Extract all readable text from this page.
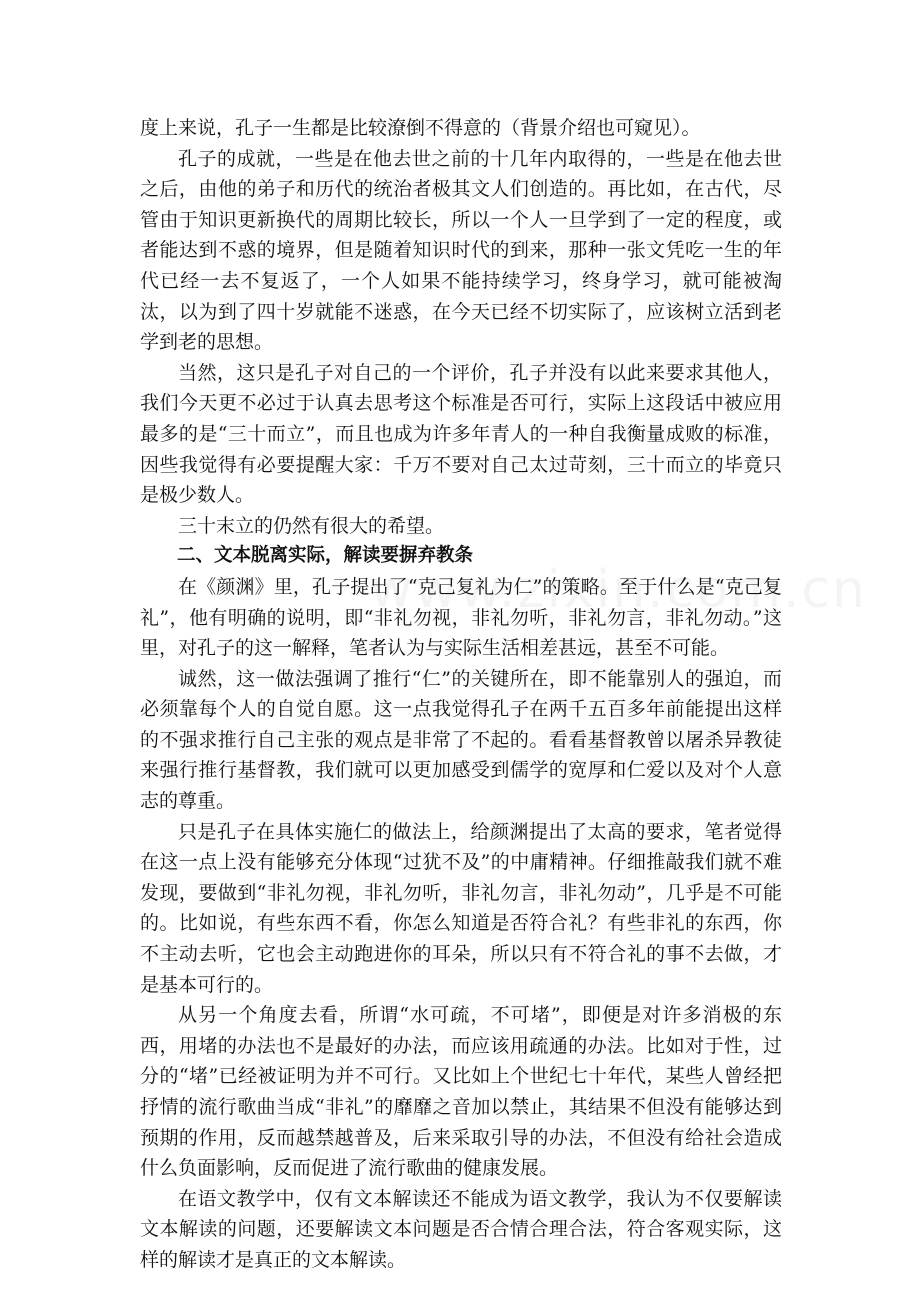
度上来说，孔子一生都是比较潦倒不得意的（背景介绍也可窥见）。

孔子的成就，一些是在他去世之前的十几年内取得的，一些是在他去世之后，由他的弟子和历代的统治者极其文人们创造的。再比如，在古代，尽管由于知识更新换代的周期比较长，所以一个人一旦学到了一定的程度，或者能达到不惑的境界，但是随着知识时代的到来，那种一张文凭吃一生的年代已经一去不复返了，一个人如果不能持续学习，终身学习，就可能被淘汰，以为到了四十岁就能不迷惑，在今天已经不切实际了，应该树立活到老学到老的思想。

当然，这只是孔子对自己的一个评价，孔子并没有以此来要求其他人，我们今天更不必过于认真去思考这个标准是否可行，实际上这段话中被应用最多的是“三十而立”，而且也成为许多年青人的一种自我衡量成败的标准，因些我觉得有必要提醒大家：千万不要对自己太过苛刻，三十而立的毕竟只是极少数人。

三十末立的仍然有很大的希望。

二、文本脱离实际，解读要摒弃教条

在《颜渊》里，孔子提出了“克己复礼为仁”的策略。至于什么是“克己复礼”，他有明确的说明，即“非礼勿视，非礼勿听，非礼勿言，非礼勿动。”这里，对孔子的这一解释，笔者认为与实际生活相差甚远，甚至不可能。

诚然，这一做法强调了推行“仁”的关键所在，即不能靠别人的强迫，而必须靠每个人的自觉自愿。这一点我觉得孔子在两千五百多年前能提出这样的不强求推行自己主张的观点是非常了不起的。看看基督教曾以屠杀异教徒来强行推行基督教，我们就可以更加感受到儒学的宽厚和仁爱以及对个人意志的尊重。

只是孔子在具体实施仁的做法上，给颜渊提出了太高的要求，笔者觉得在这一点上没有能够充分体现“过犹不及”的中庸精神。仔细推敲我们就不难发现，要做到“非礼勿视，非礼勿听，非礼勿言，非礼勿动”，几乎是不可能的。比如说，有些东西不看，你怎么知道是否符合礼？有些非礼的东西，你不主动去听，它也会主动跑进你的耳朵，所以只有不符合礼的事不去做，才是基本可行的。

从另一个角度去看，所谓“水可疏，不可堵”，即便是对许多消极的东西，用堵的办法也不是最好的办法，而应该用疏通的办法。比如对于性，过分的“堵”已经被证明为并不可行。又比如上个世纪七十年代，某些人曾经把抒情的流行歌曲当成“非礼”的靡靡之音加以禁止，其结果不但没有能够达到预期的作用，反而越禁越普及，后来采取引导的办法，不但没有给社会造成什么负面影响，反而促进了流行歌曲的健康发展。

在语文教学中，仅有文本解读还不能成为语文教学，我认为不仅要解读文本解读的问题，还要解读文本问题是否合情合理合法，符合客观实际，这样的解读才是真正的文本解读。
